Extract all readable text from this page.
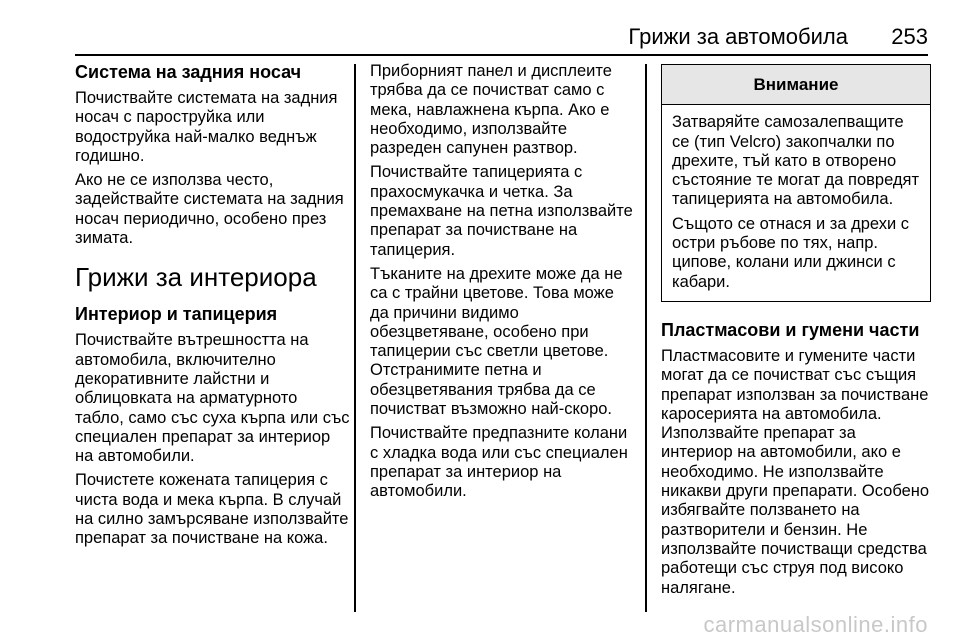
Грижи за автомобила 253
Система на задния носач

Почиствайте системата на задния носач с пароструйка или водоструйка най-малко веднъж годишно.

Ако не се използва често, задействайте системата на задния носач периодично, особено през зимата.

Грижи за интериора
Интериор и тапицерия

Почиствайте вътрешността на автомобила, включително декоративните лайстни и облицовката на арматурното табло, само със суха кърпа или със специален препарат за интериор на автомобили.

Почистете кожената тапицерия с чиста вода и мека кърпа. В случай на силно замърсяване използвайте препарат за почистване на кожа.

Приборният панел и дисплеите трябва да се почистват само с мека, навлажнена кърпа. Ако е необходимо, използвайте разреден сапунен разтвор.

Почиствайте тапицерията с прахосмукачка и четка. За премахване на петна използвайте препарат за почистване на тапицерия.

Тъканите на дрехите може да не са с трайни цветове. Това може да причини видимо обезцветяване, особено при тапицерии със светли цветове. Отстранимите петна и обезцветявания трябва да се почистват възможно най-скоро.

Почиствайте предпазните колани с хладка вода или със специален препарат за интериор на автомобили.

Внимание

Затваряйте самозалепващите се (тип Velcro) закопчалки по дрехите, тъй като в отворено състояние те могат да повредят тапицерията на автомобила.

Същото се отнася и за дрехи с остри ръбове по тях, напр. ципове, колани или джинси с кабари.

Пластмасови и гумени части

Пластмасовите и гумените части могат да се почистват със същия препарат използван за почистване каросерията на автомобила. Използвайте препарат за интериор на автомобили, ако е необходимо. Не използвайте никакви други препарати. Особено избягвайте ползването на разтворители и бензин. Не използвайте почистващи средства работещи със струя под високо налягане.

carmanualsonline.info
